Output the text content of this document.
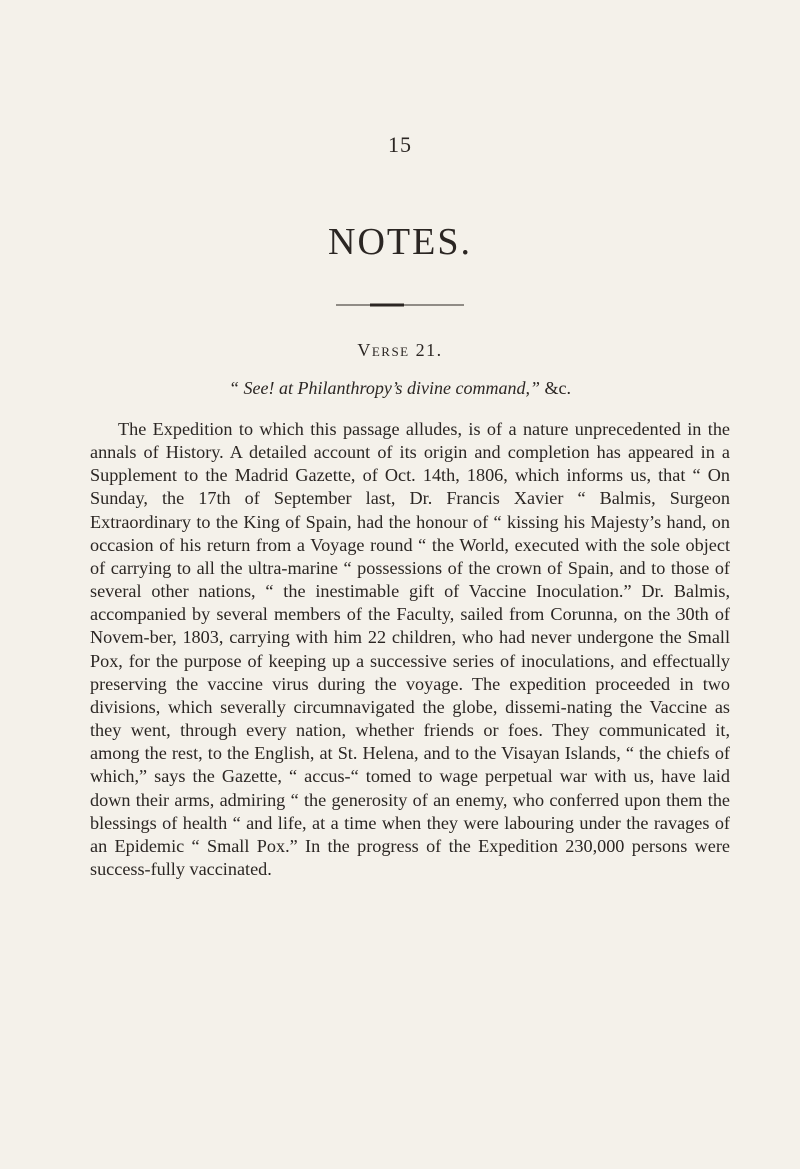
15
NOTES.
Verse 21.
“ See! at Philanthropy’s divine command,” &c.

The Expedition to which this passage alludes, is of a nature unprecedented in the annals of History. A detailed account of its origin and completion has appeared in a Supplement to the Madrid Gazette, of Oct. 14th, 1806, which informs us, that “ On Sunday, the 17th of September last, Dr. Francis Xavier “ Balmis, Surgeon Extraordinary to the King of Spain, had the honour of “ kissing his Majesty’s hand, on occasion of his return from a Voyage round “ the World, executed with the sole object of carrying to all the ultra-marine “ possessions of the crown of Spain, and to those of several other nations, “ the inestimable gift of Vaccine Inoculation.” Dr. Balmis, accompanied by several members of the Faculty, sailed from Corunna, on the 30th of Novem-ber, 1803, carrying with him 22 children, who had never undergone the Small Pox, for the purpose of keeping up a successive series of inoculations, and effectually preserving the vaccine virus during the voyage. The expedition proceeded in two divisions, which severally circumnavigated the globe, dissemi-nating the Vaccine as they went, through every nation, whether friends or foes. They communicated it, among the rest, to the English, at St. Helena, and to the Visayan Islands, “ the chiefs of which,” says the Gazette, “ accus-“ tomed to wage perpetual war with us, have laid down their arms, admiring “ the generosity of an enemy, who conferred upon them the blessings of health “ and life, at a time when they were labouring under the ravages of an Epidemic “ Small Pox.” In the progress of the Expedition 230,000 persons were success-fully vaccinated.
